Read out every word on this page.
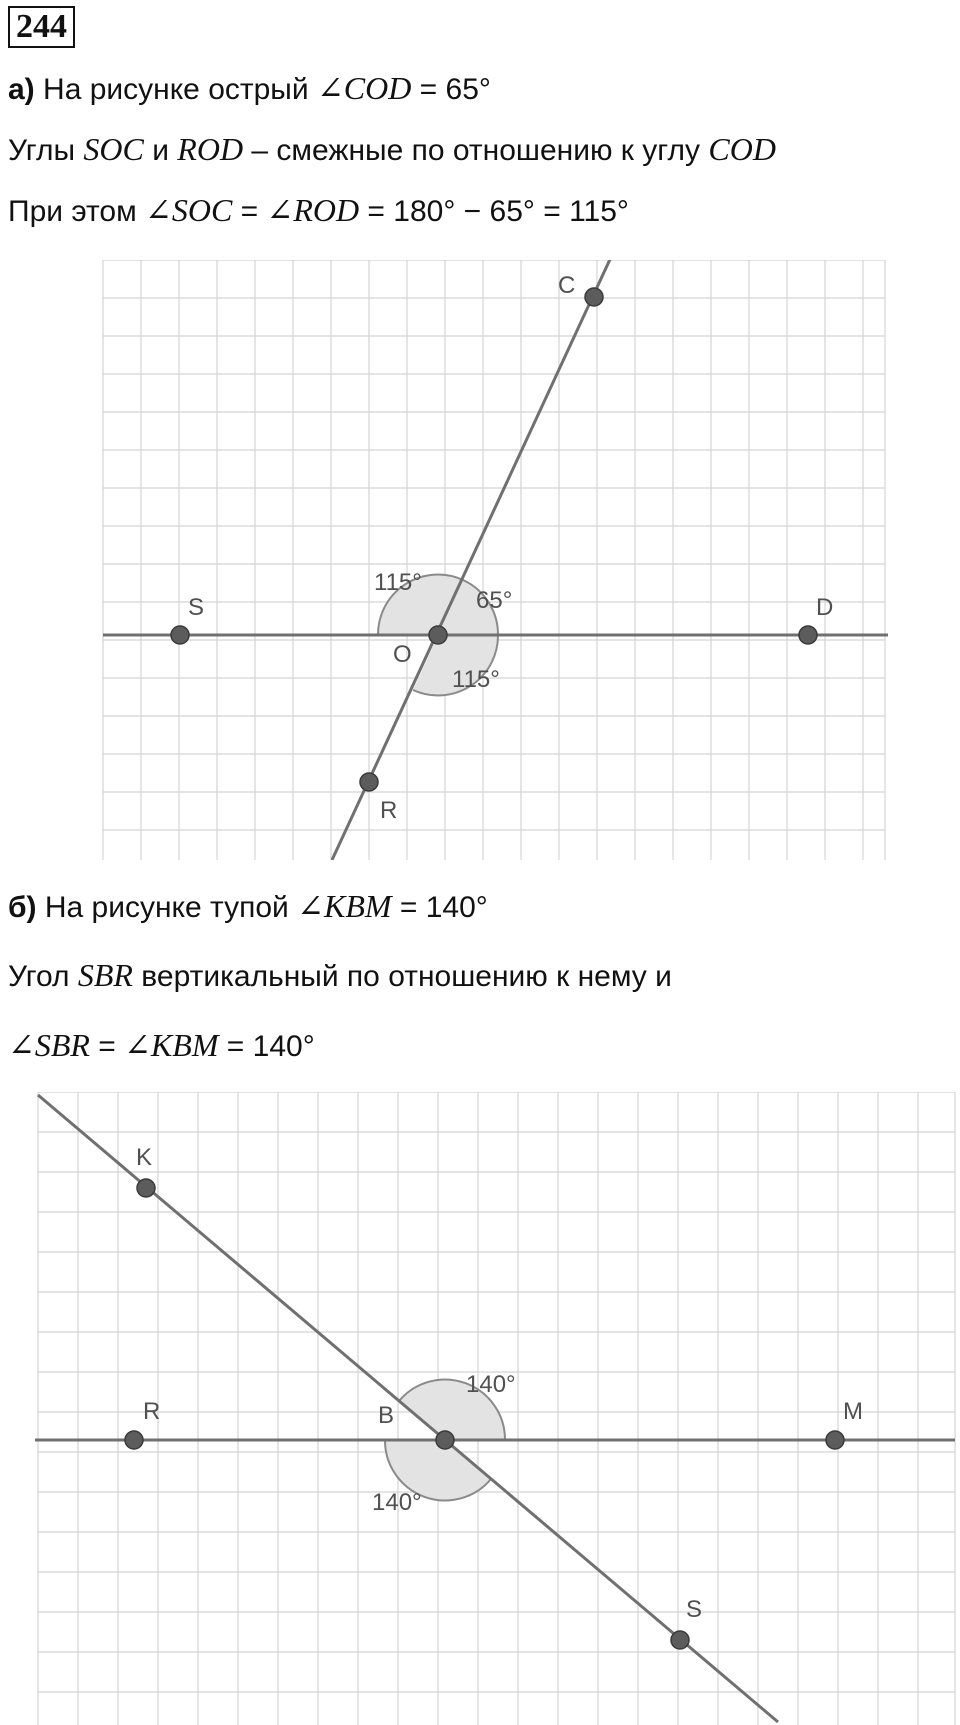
244
а) На рисунке острый ∠COD = 65°
Углы SOC и ROD – смежные по отношению к углу COD
При этом ∠SOC = ∠ROD = 180° − 65° = 115°
S
O
D
C
R
115°
65°
115°
б) На рисунке тупой ∠KBM = 140°
Угол SBR вертикальный по отношению к нему и
∠SBR = ∠KBM = 140°
K
R	B	M
S
140°
140°
